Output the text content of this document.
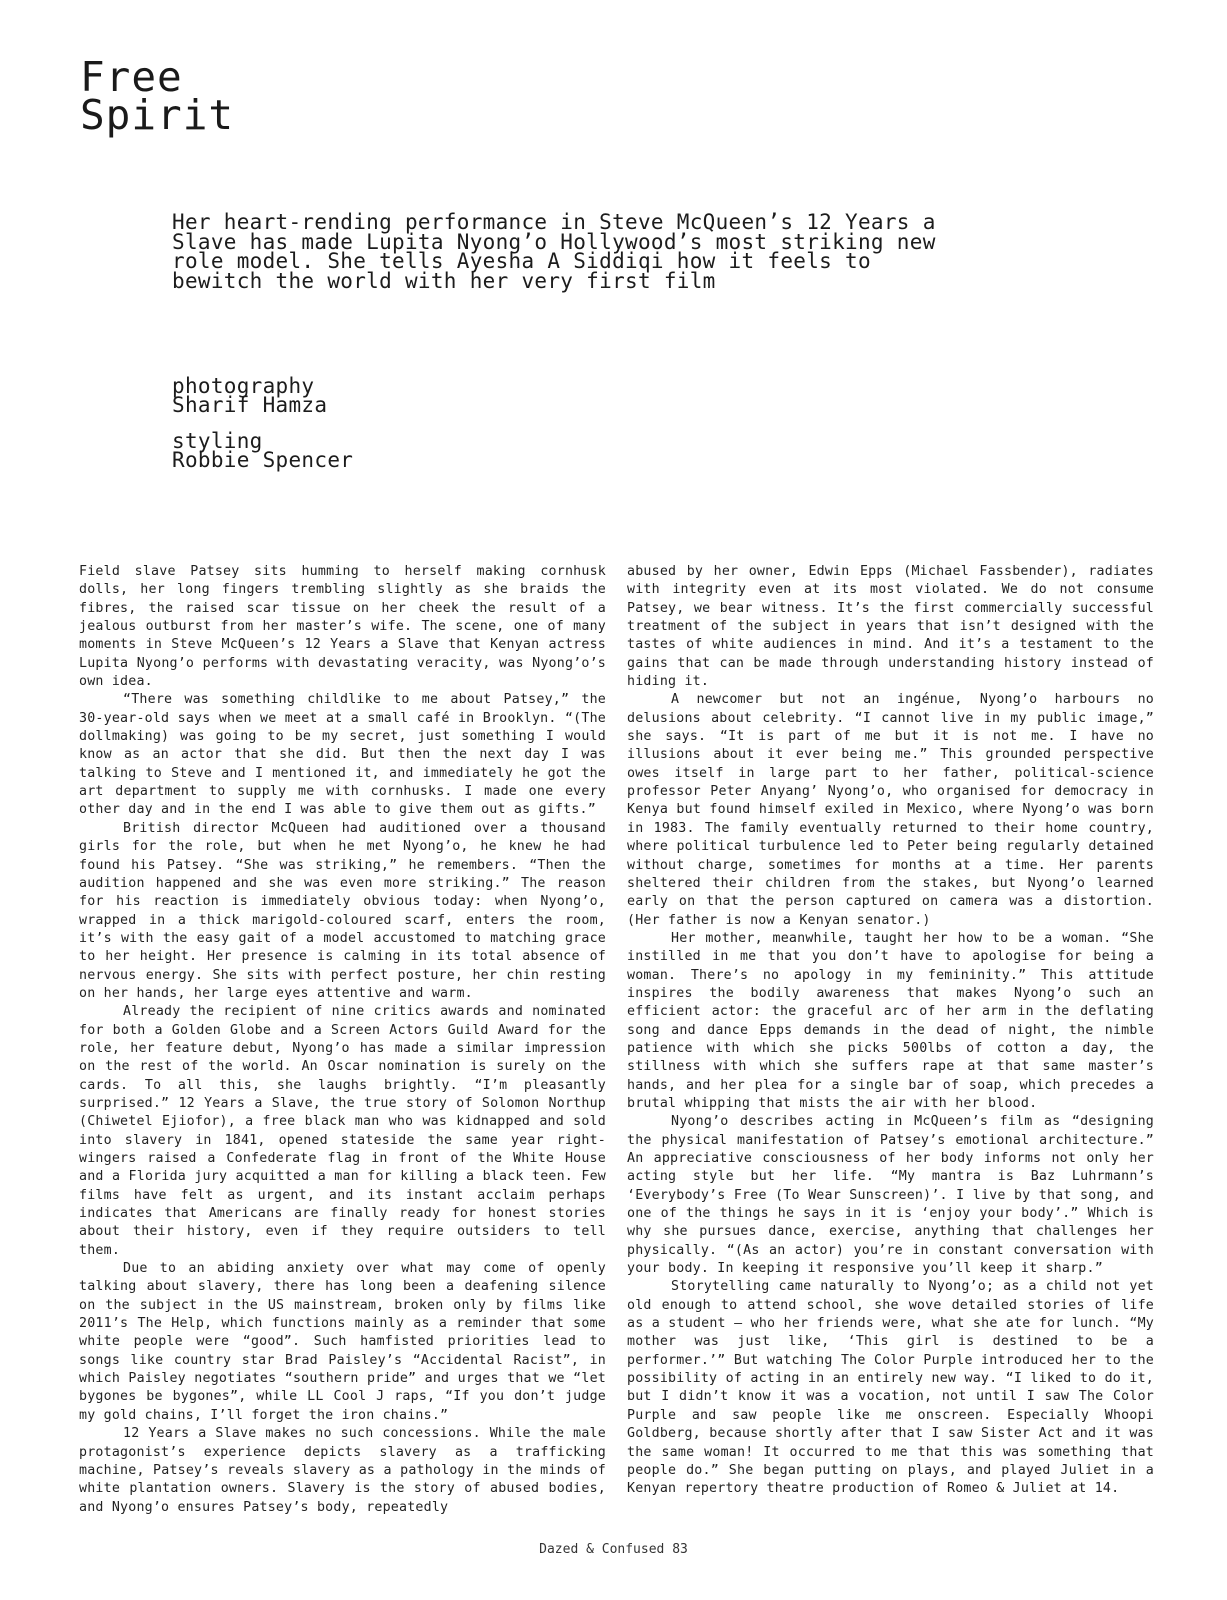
Free
Spirit

Her heart-rending performance in Steve McQueen’s 12 Years a Slave has made Lupita Nyong’o Hollywood’s most striking new role model. She tells Ayesha A Siddiqi how it feels to bewitch the world with her very first film

photography
Sharif Hamza
styling
Robbie Spencer

Field slave Patsey sits humming to herself making cornhusk dolls, her long fingers trembling slightly as she braids the fibres, the raised scar tissue on her cheek the result of a jealous outburst from her master’s wife. The scene, one of many moments in Steve McQueen’s 12 Years a Slave that Kenyan actress Lupita Nyong’o performs with devastating veracity, was Nyong’o’s own idea.

“There was something childlike to me about Patsey,” the 30-year-old says when we meet at a small café in Brooklyn. “(The dollmaking) was going to be my secret, just something I would know as an actor that she did. But then the next day I was talking to Steve and I mentioned it, and immediately he got the art department to supply me with cornhusks. I made one every other day and in the end I was able to give them out as gifts.”

British director McQueen had auditioned over a thousand girls for the role, but when he met Nyong’o, he knew he had found his Patsey. “She was striking,” he remembers. “Then the audition happened and she was even more striking.” The reason for his reaction is immediately obvious today: when Nyong’o, wrapped in a thick marigold-coloured scarf, enters the room, it’s with the easy gait of a model accustomed to matching grace to her height. Her presence is calming in its total absence of nervous energy. She sits with perfect posture, her chin resting on her hands, her large eyes attentive and warm.

Already the recipient of nine critics awards and nominated for both a Golden Globe and a Screen Actors Guild Award for the role, her feature debut, Nyong’o has made a similar impression on the rest of the world. An Oscar nomination is surely on the cards. To all this, she laughs brightly. “I’m pleasantly surprised.” 12 Years a Slave, the true story of Solomon Northup (Chiwetel Ejiofor), a free black man who was kidnapped and sold into slavery in 1841, opened stateside the same year right-wingers raised a Confederate flag in front of the White House and a Florida jury acquitted a man for killing a black teen. Few films have felt as urgent, and its instant acclaim perhaps indicates that Americans are finally ready for honest stories about their history, even if they require outsiders to tell them.

Due to an abiding anxiety over what may come of openly talking about slavery, there has long been a deafening silence on the subject in the US mainstream, broken only by films like 2011’s The Help, which functions mainly as a reminder that some white people were “good”. Such hamfisted priorities lead to songs like country star Brad Paisley’s “Accidental Racist”, in which Paisley negotiates “southern pride” and urges that we “let bygones be bygones”, while LL Cool J raps, “If you don’t judge my gold chains, I’ll forget the iron chains.”

12 Years a Slave makes no such concessions. While the male protagonist’s experience depicts slavery as a trafficking machine, Patsey’s reveals slavery as a pathology in the minds of white plantation owners. Slavery is the story of abused bodies, and Nyong’o ensures Patsey’s body, repeatedly

abused by her owner, Edwin Epps (Michael Fassbender), radiates with integrity even at its most violated. We do not consume Patsey, we bear witness. It’s the first commercially successful treatment of the subject in years that isn’t designed with the tastes of white audiences in mind. And it’s a testament to the gains that can be made through understanding history instead of hiding it.

A newcomer but not an ingénue, Nyong’o harbours no delusions about celebrity. “I cannot live in my public image,” she says. “It is part of me but it is not me. I have no illusions about it ever being me.” This grounded perspective owes itself in large part to her father, political-science professor Peter Anyang’ Nyong’o, who organised for democracy in Kenya but found himself exiled in Mexico, where Nyong’o was born in 1983. The family eventually returned to their home country, where political turbulence led to Peter being regularly detained without charge, sometimes for months at a time. Her parents sheltered their children from the stakes, but Nyong’o learned early on that the person captured on camera was a distortion. (Her father is now a Kenyan senator.)

Her mother, meanwhile, taught her how to be a woman. “She instilled in me that you don’t have to apologise for being a woman. There’s no apology in my femininity.” This attitude inspires the bodily awareness that makes Nyong’o such an efficient actor: the graceful arc of her arm in the deflating song and dance Epps demands in the dead of night, the nimble patience with which she picks 500lbs of cotton a day, the stillness with which she suffers rape at that same master’s hands, and her plea for a single bar of soap, which precedes a brutal whipping that mists the air with her blood.

Nyong’o describes acting in McQueen’s film as “designing the physical manifestation of Patsey’s emotional architecture.” An appreciative consciousness of her body informs not only her acting style but her life. “My mantra is Baz Luhrmann’s ‘Everybody’s Free (To Wear Sunscreen)’. I live by that song, and one of the things he says in it is ‘enjoy your body’.” Which is why she pursues dance, exercise, anything that challenges her physically. “(As an actor) you’re in constant conversation with your body. In keeping it responsive you’ll keep it sharp.”

Storytelling came naturally to Nyong’o; as a child not yet old enough to attend school, she wove detailed stories of life as a student – who her friends were, what she ate for lunch. “My mother was just like, ‘This girl is destined to be a performer.’” But watching The Color Purple introduced her to the possibility of acting in an entirely new way. “I liked to do it, but I didn’t know it was a vocation, not until I saw The Color Purple and saw people like me onscreen. Especially Whoopi Goldberg, because shortly after that I saw Sister Act and it was the same woman! It occurred to me that this was something that people do.” She began putting on plays, and played Juliet in a Kenyan repertory theatre production of Romeo & Juliet at 14.

Dazed & Confused 83
